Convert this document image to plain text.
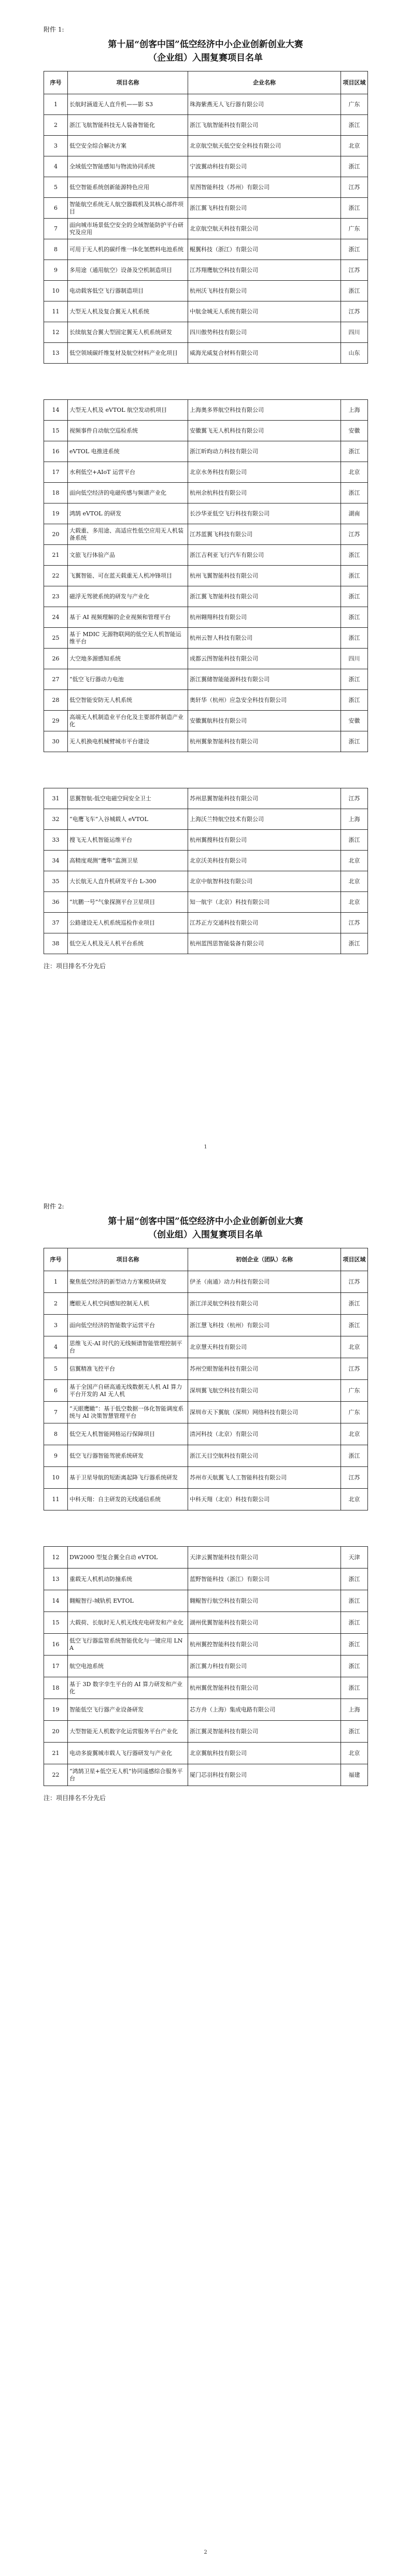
附件 1:
第十届“创客中国”低空经济中小企业创新创业大赛
（企业组）入围复赛项目名单
序号	项目名称	企业名称	项目区域
1	长航时涵道无人直升机——影 S3	珠海紫燕无人飞行器有限公司	广东
2	浙江飞航智能科技无人装备智能化	浙江飞航智能科技有限公司	浙江
3	低空安全综合解决方案	北京航空航天低空安全科技有限公司	北京
4	全域低空智能感知与物流协同系统	宁波翼动科技有限公司	浙江
5	低空智能系统创新能源特色应用	星图智能科技（苏州）有限公司	江苏
6	智能航空系统无人航空器载机及其核心部件项目	浙江翼飞科技有限公司	浙江
7	面向城市场景低空安全的全域智能防护平台研究及应用	北京航空航天科技有限公司	广东
8	可用于无人机的碳纤维一体化氢燃料电池系统	鲲翼科技（浙江）有限公司	浙江
9	多用途（通用航空）设备及空机制造项目	江苏翔鹰航空科技有限公司	江苏
10	电动载客低空飞行器制造项目	杭州沃飞科技有限公司	浙江
11	大型无人机及复合翼无人机系统	中航金城无人系统有限公司	江苏
12	长续航复合翼大型固定翼无人机系统研发	四川傲势科技有限公司	四川
13	低空领域碳纤维复材及航空材料产业化项目	威海光威复合材料有限公司	山东

14	大型无人机及 eVTOL 航空发动机项目	上海奥多界航空科技有限公司	上海
15	视频事件自动航空巡检系统	安徽翼飞无人机科技有限公司	安徽
16	eVTOL 电推进系统	浙江昕昀动力科技有限公司	浙江
17	水利低空+AIoT 运营平台	北京水务科技有限公司	北京
18	面向低空经济的电磁传感与频谱产业化	杭州余杭科技有限公司	浙江
19	鸿鹄 eVTOL 的研发	长沙华亚低空飞行科技有限公司	湖南
20	大载重、多用途、高适应性低空应用无人机装备系统	江苏蓝翼飞科技有限公司	江苏
21	文旅飞行体验产品	浙江吉利亚飞行汽车有限公司	浙江
22	飞翼智能、可在蓝天载重无人机冲锋项目	杭州飞翼智能科技有限公司	浙江
23	磁浮无驾驶系统的研发与产业化	浙江翼飞智能科技有限公司	浙江
24	基于 AI 视频理解的企业视频和管理平台	杭州翱翔科技有限公司	浙江
25	基于 MDIC 无源物联网的低空无人机智能运维平台	杭州云智人科技有限公司	浙江
26	大空地多源感知系统	成都云图智能科技有限公司	四川
27	“低空飞行器动力电池	浙江翼储智能能源科技有限公司	浙江
28	低空智能安防无人机系统	奥轩华（杭州）应急安全科技有限公司	浙江
29	高端无人机制造业平台化及主要部件制造产业化	安徽翼航科技有限公司	安徽
30	无人机换电机械臂城市平台建设	杭州翼象智能科技有限公司	浙江

31	思翼智航-低空电磁空间安全卫士	苏州思翼智能科技有限公司	江苏
32	“电鹰飞车”入谷城载人 eVTOL	上海沃兰特航空技术有限公司	上海
33	搜飞无人机智能运维平台	杭州翼搜科技有限公司	浙江
34	高精度观测“鹰隼”监测卫星	北京沃美科技有限公司	北京
35	大长航无人直升机研发平台 L-300	北京中航智科技有限公司	北京
36	“坑鹏一号”气象探测平台卫星项目	知一航宇（北京）科技有限公司	北京
37	公路建设无人机系统巡检作业项目	江苏正方交通科技有限公司	江苏
38	低空无人机及无人机平台系统	杭州蓝图思智能装备有限公司	浙江
注：项目排名不分先后
1
附件 2:
第十届“创客中国”低空经济中小企业创新创业大赛
（创业组）入围复赛项目名单
序号	项目名称	初创企业（团队）名称	项目区域
1	聚焦低空经济的新型动力方案模块研发	伊圣（南通）动力科技有限公司	江苏
2	鹰眼无人机空间感知控制无人机	浙江洋灵航空科技有限公司	浙江
3	面向低空经济的智能数字运营平台	浙江慧飞科技（杭州）有限公司	浙江
4	思维飞天-AI 时代的无线频谱智能管理控制平台	北京慧天科技有限公司	北京
5	信翼精准飞控平台	苏州空眼智能科技有限公司	江苏
6	基于全国产自研高通无线数据无人机 AI 算力平台开发的 AI 无人机	深圳翼飞航空科技有限公司	广东
7	“天眼鹰瞰”：基于低空数据一体化智能调度系统与 AI 决策智慧管理平台	深圳市天下翼航（深圳）网络科技有限公司	广东
8	低空无人机智能网格运行保障项目	清河科技（北京）有限公司	北京
9	低空飞行器智能驾驶系统研发	浙江天目空航科技有限公司	浙江
10	基于卫星导航的短距离起降飞行器系统研发	苏州市天航翼飞人工智能科技有限公司	江苏
11	中科天翔：自主研发的无线通信系统	中科天翔（北京）科技有限公司	北京

12	DW2000 型复合翼全自动 eVTOL	天津云翼智能科技有限公司	天津
13	重载无人机机动防撞系统	蓝野智能科技（浙江）有限公司	浙江
14	翱鲲智行-城轨机 EVTOL	翱鲲智行航空科技有限公司	浙江
15	大载荷、长航时无人机无线充电研发和产业化	湖州优翼智能科技有限公司	浙江
16	低空飞行器监管系统智能优化与一键应用 LNA	杭州翼控智能科技有限公司	浙江
17	航空电池系统	浙江翼力科技有限公司	浙江
18	基于 3D 数字孪生平台的 AI 算力研发和产业化	杭州翼优智能科技有限公司	浙江
19	智能低空飞行器产业设备研发	芯方舟（上海）集成电路有限公司	上海
20	大型智能无人机数字化运营服务平台产业化	浙江翼灵智能科技有限公司	浙江
21	电动多旋翼城市载人飞行器研发与产业化	北京翼航科技有限公司	北京
22	“鸿鹄卫星+低空无人机”协同遥感综合服务平台	厦门芯羽科技有限公司	福建
注：项目排名不分先后
2
